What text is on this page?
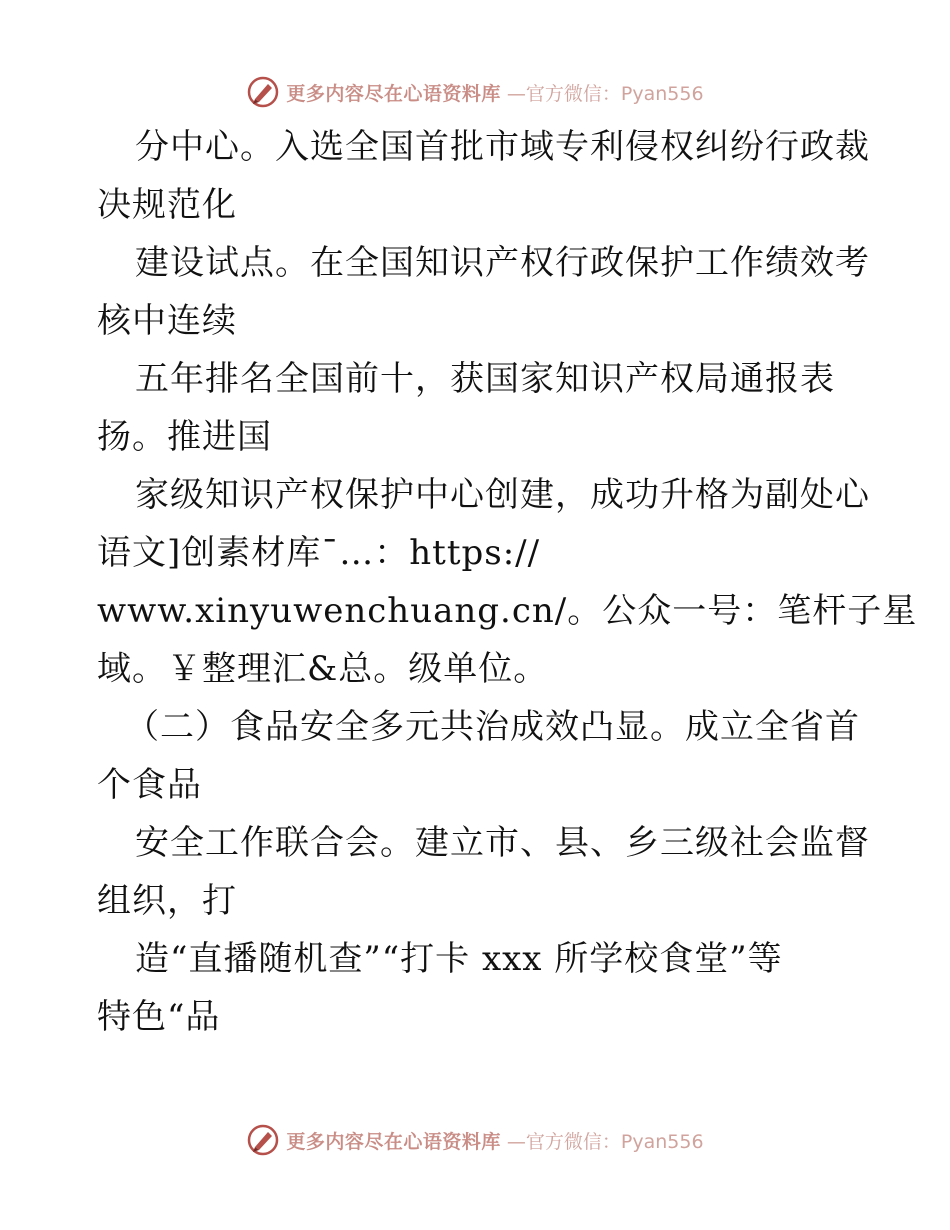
更多内容尽在心语资料库 —官方微信：Pyan556
分中心。入选全国首批市域专利侵权纠纷行政裁
决规范化
建设试点。在全国知识产权行政保护工作绩效考
核中连续
五年排名全国前十，获国家知识产权局通报表
扬。推进国
家级知识产权保护中心创建，成功升格为副处心
语文]创素材库¯…：https://
www.xinyuwenchuang.cn/。公众一号：笔杆子星
域。￥整理汇&总。级单位。
（二）食品安全多元共治成效凸显。成立全省首
个食品
安全工作联合会。建立市、县、乡三级社会监督
组织，打
造“直播随机查”“打卡 xxx 所学校食堂”等
特色“品
更多内容尽在心语资料库 —官方微信：Pyan556
